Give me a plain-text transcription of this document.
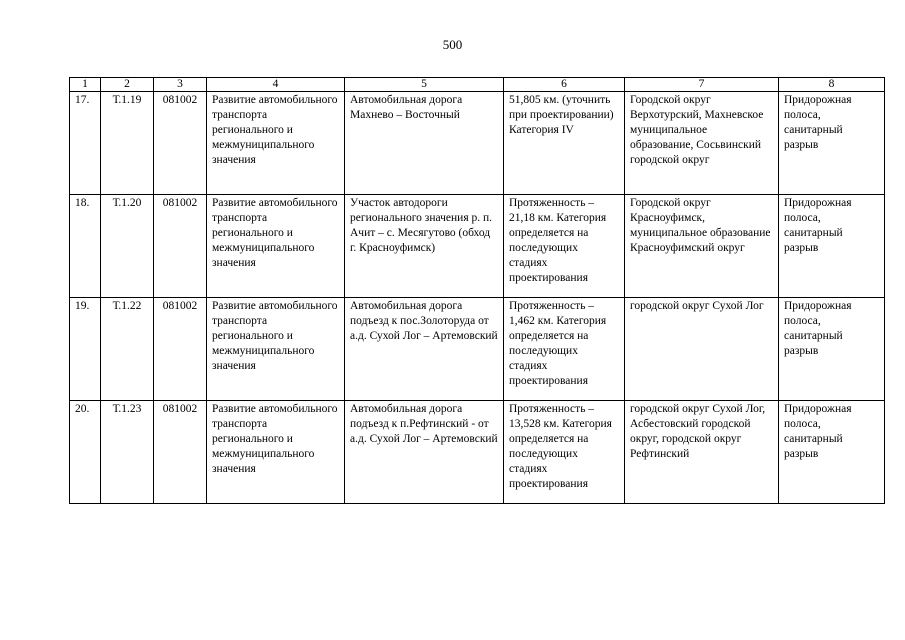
500
1	2	3	4	5	6	7	8
17.	Т.1.19	081002	Развитие автомобильного транспорта регионального и межмуниципального значения	Автомобильная дорога Махнево – Восточный	51,805 км. (уточнить при проектировании) Категория IV	Городской округ Верхотурский, Махневское муниципальное образование, Сосьвинский городской округ	Придорожная полоса, санитарный разрыв
18.	Т.1.20	081002	Развитие автомобильного транспорта регионального и межмуниципального значения	Участок автодороги регионального значения р. п. Ачит – с. Месягутово (обход г. Красноуфимск)	Протяженность – 21,18 км. Категория определяется на последующих стадиях проектирования	Городской округ Красноуфимск, муниципальное образование Красноуфимский округ	Придорожная полоса, санитарный разрыв
19.	Т.1.22	081002	Развитие автомобильного транспорта регионального и межмуниципального значения	Автомобильная дорога подъезд к пос.Золоторуда от а.д. Сухой Лог – Артемовский	Протяженность – 1,462 км. Категория определяется на последующих стадиях проектирования	городской округ Сухой Лог	Придорожная полоса, санитарный разрыв
20.	Т.1.23	081002	Развитие автомобильного транспорта регионального и межмуниципального значения	Автомобильная дорога подъезд к п.Рефтинский - от а.д. Сухой Лог – Артемовский	Протяженность – 13,528 км. Категория определяется на последующих стадиях проектирования	городской округ Сухой Лог, Асбестовский городской округ, городской округ Рефтинский	Придорожная полоса, санитарный разрыв
